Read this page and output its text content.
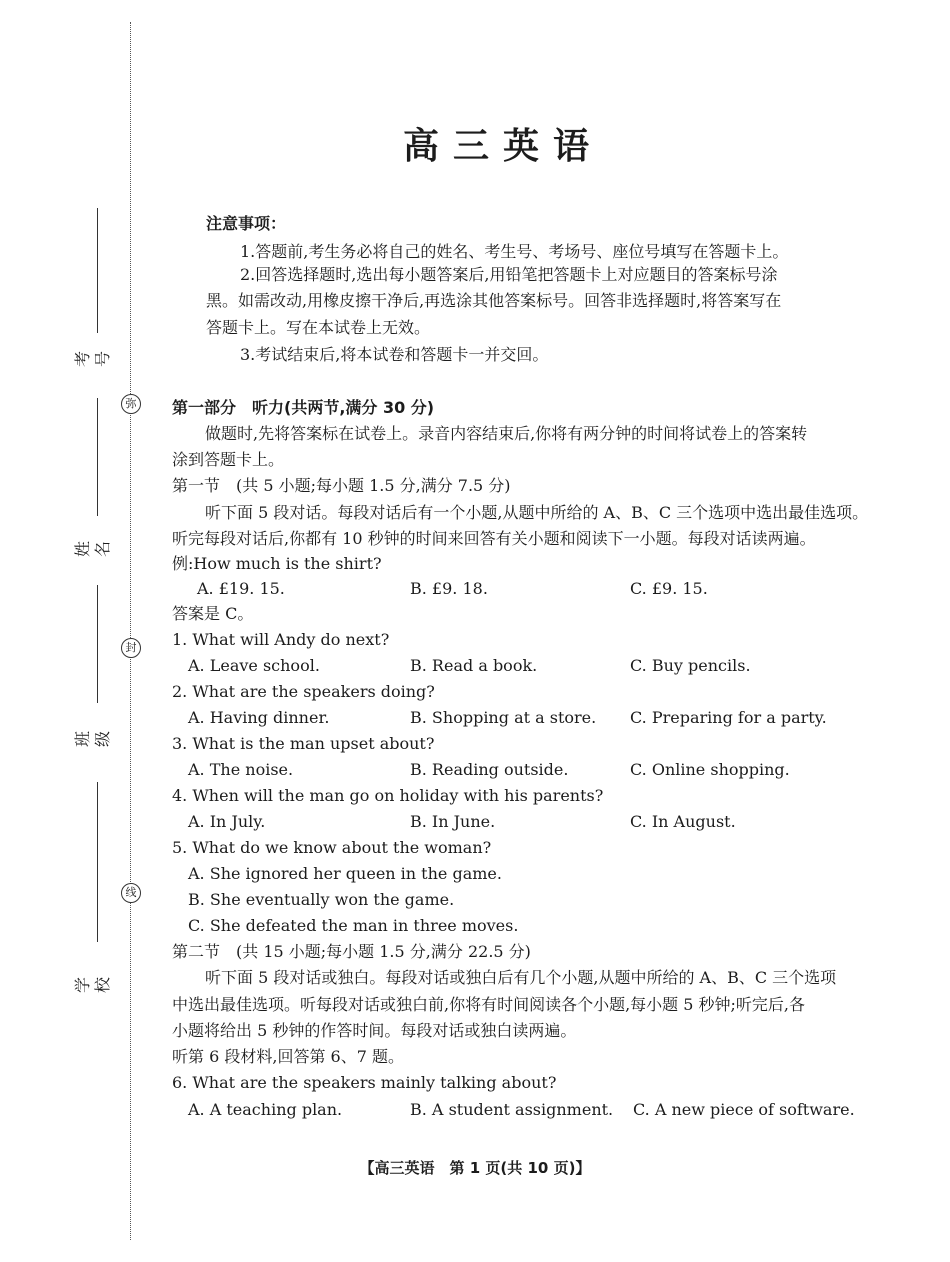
弥
封
线
考号
姓名
班级
学校
高三英语
注意事项：
1.答题前,考生务必将自己的姓名、考生号、考场号、座位号填写在答题卡上。
2.回答选择题时,选出每小题答案后,用铅笔把答题卡上对应题目的答案标号涂
黑。如需改动,用橡皮擦干净后,再选涂其他答案标号。回答非选择题时,将答案写在
答题卡上。写在本试卷上无效。
3.考试结束后,将本试卷和答题卡一并交回。
第一部分　听力(共两节,满分 30 分)
做题时,先将答案标在试卷上。录音内容结束后,你将有两分钟的时间将试卷上的答案转
涂到答题卡上。
第一节　(共 5 小题;每小题 1.5 分,满分 7.5 分)
听下面 5 段对话。每段对话后有一个小题,从题中所给的 A、B、C 三个选项中选出最佳选项。
听完每段对话后,你都有 10 秒钟的时间来回答有关小题和阅读下一小题。每段对话读两遍。
例:How much is the shirt?
A. £19. 15.	B. £9. 18.	C. £9. 15.
答案是 C。
1. What will Andy do next?
A. Leave school.	B. Read a book.	C. Buy pencils.
2. What are the speakers doing?
A. Having dinner.	B. Shopping at a store. C. Preparing for a party.
3. What is the man upset about?
A. The noise.	B. Reading outside.	C. Online shopping.
4. When will the man go on holiday with his parents?
A. In July.	B. In June.	C. In August.
5. What do we know about the woman?
A. She ignored her queen in the game.
B. She eventually won the game.
C. She defeated the man in three moves.
第二节　(共 15 小题;每小题 1.5 分,满分 22.5 分)
听下面 5 段对话或独白。每段对话或独白后有几个小题,从题中所给的 A、B、C 三个选项
中选出最佳选项。听每段对话或独白前,你将有时间阅读各个小题,每小题 5 秒钟;听完后,各
小题将给出 5 秒钟的作答时间。每段对话或独白读两遍。
听第 6 段材料,回答第 6、7 题。
6. What are the speakers mainly talking about?
A. A teaching plan.	B. A student assignment. C. A new piece of software.
【高三英语　第 1 页(共 10 页)】
